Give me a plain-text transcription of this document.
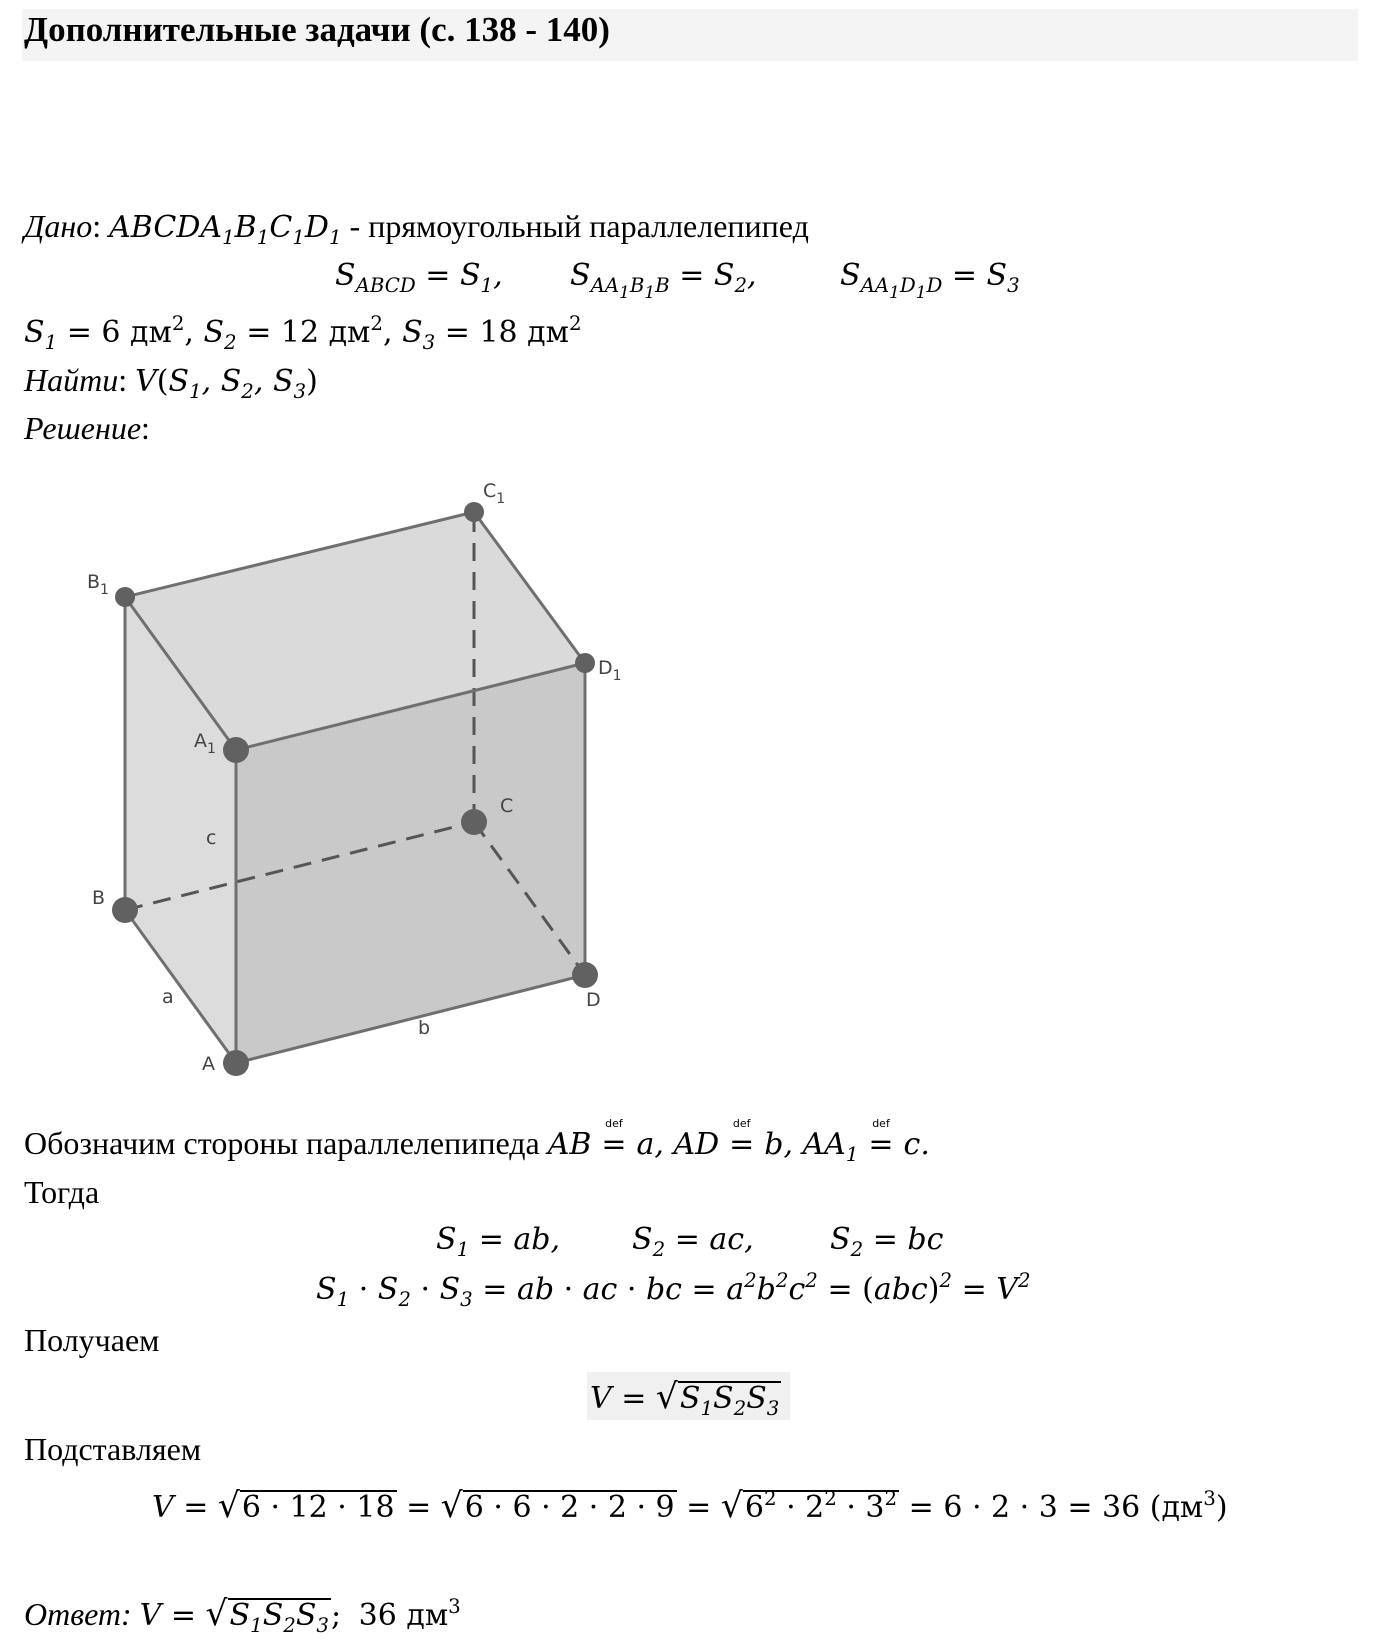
Дополнительные задачи (с. 138 - 140)
Дано: $ABCDA_1B_1C_1D_1$ - прямоугольный параллелепипед
$S_{ABCD} = S_1$, $S_{AA_1B_1B} = S_2$,	$S_{AA_1D_1D} = S_3$
$S_1 = 6$ $дм^2$, $S_2 = 12$ $дм^2$, $S_3 = 18$ $дм^2$
Найти: $V(S_1$, $S_2$, $S_3$)
Решение:
$B_1$
$C_1$
$D_1$
$A_1$
C
B
D
A
c
a
b
Обозначим стороны параллелепипеда AB
def
= a, AD
def
= b, $AA_1$
def
= c.
Тогда
$S_1$ = ab, $S_2$ = ac,	$S_2$ = bc
$S_1 \cdot S_2 \cdot S_3$ = ab · ac · bc = $a^2b^2c^2 = (abc)^2 = V^2$
Получаем
$V = √S_1S_2S_3$
Подставляем
$V = √6 \cdot 12 \cdot 18 = √6 \cdot 6 \cdot 2 \cdot 2 \cdot 9 = √6^2 \cdot 2^2 \cdot 3^2 = 6 \cdot 2 \cdot 3 = 36$ $(дм^3)$
Ответ: $V = √S_1S_2S_3$;  36 $дм^3$
